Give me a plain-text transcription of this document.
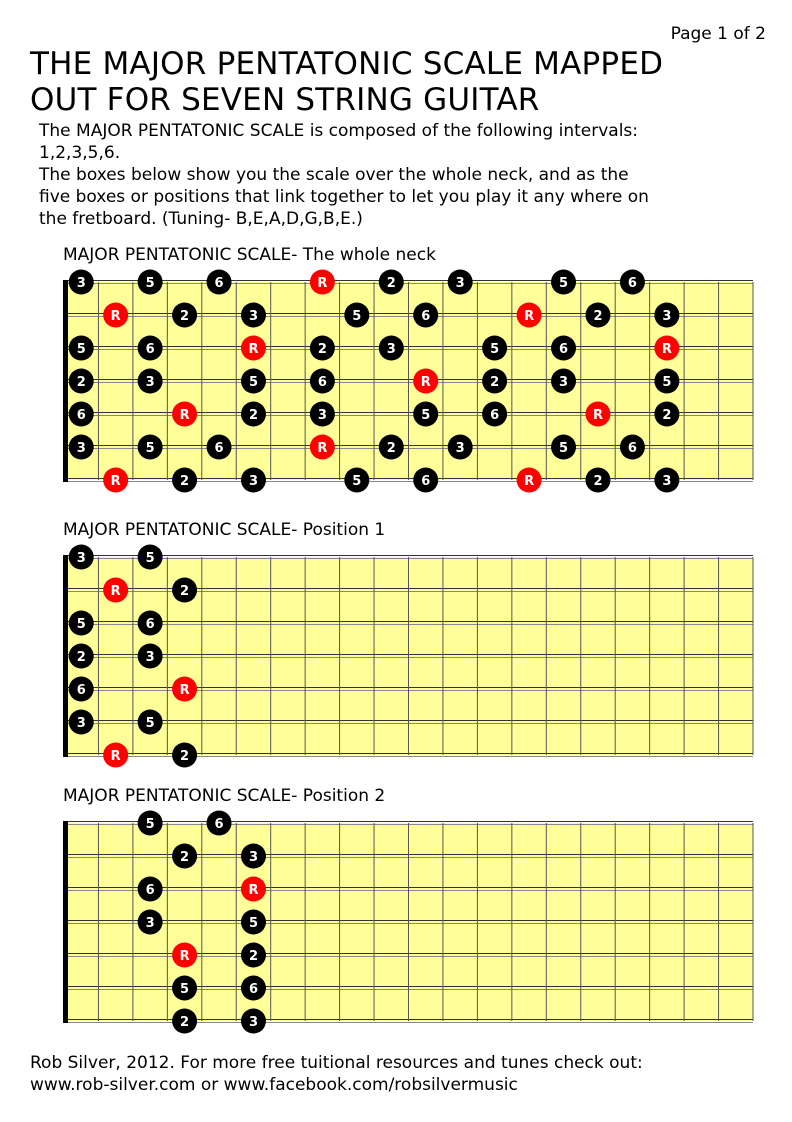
Page 1 of 2
THE MAJOR PENTATONIC SCALE MAPPED
OUT FOR SEVEN STRING GUITAR

The MAJOR PENTATONIC SCALE is composed of the following intervals:

1,2,3,5,6.

The boxes below show you the scale over the whole neck, and as the

five boxes or positions that link together to let you play it any where on

the fretboard. (Tuning- B,E,A,D,G,B,E.)

MAJOR PENTATONIC SCALE- The whole neck
3	5	6	R	2	3	5	6
R	2	3	5	6	R	2	3
5	6	R	2	3	5	6	R
2	3	5	6	R	2	3	5
6	R	2	3	5	6	R	2
3	5	6	R	2	3	5	6
R	2	3	5	6	R	2	3
MAJOR PENTATONIC SCALE- Position 1
3	5
R	2
5	6
2	3
6	R
3	5
R	2
MAJOR PENTATONIC SCALE- Position 2
5	6
2	3
6	R
3	5
R	2
5	6
2	3

Rob Silver, 2012. For more free tuitional resources and tunes check out:

www.rob-silver.com or www.facebook.com/robsilvermusic
